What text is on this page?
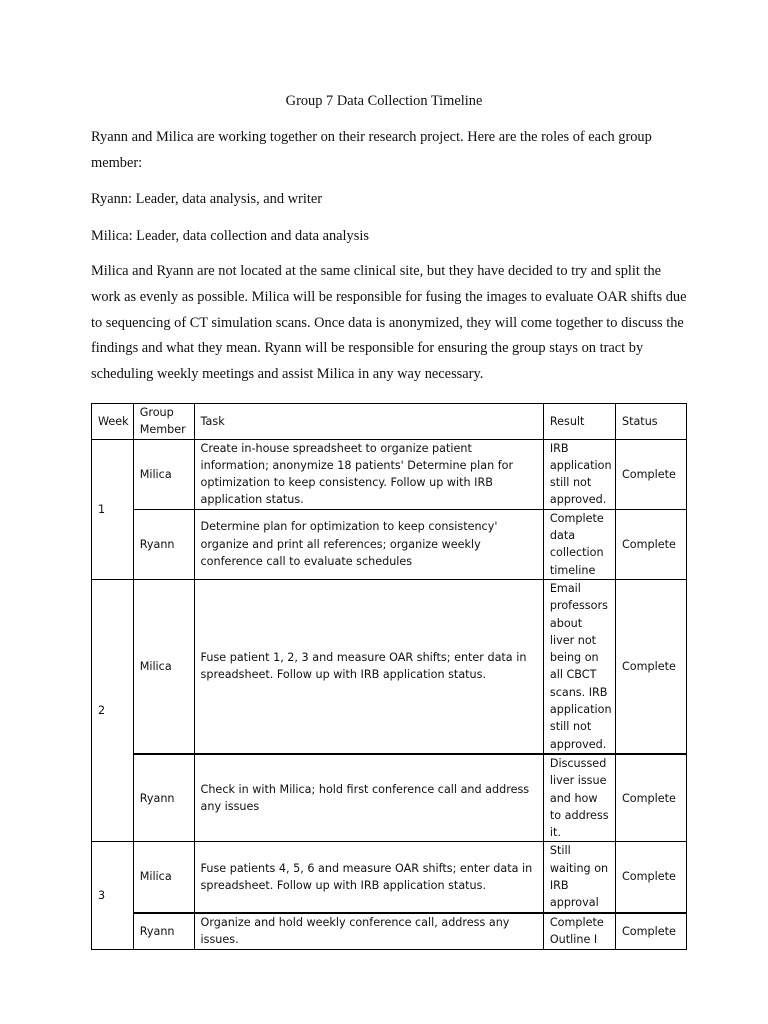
Group 7 Data Collection Timeline

Ryann and Milica are working together on their research project. Here are the roles of each group member:

Ryann: Leader, data analysis, and writer

Milica: Leader, data collection and data analysis

Milica and Ryann are not located at the same clinical site, but they have decided to try and split the work as evenly as possible. Milica will be responsible for fusing the images to evaluate OAR shifts due to sequencing of CT simulation scans. Once data is anonymized, they will come together to discuss the findings and what they mean. Ryann will be responsible for ensuring the group stays on tract by scheduling weekly meetings and assist Milica in any way necessary.

Week	Group Member	Task	Result	Status
1	Milica	Create in-house spreadsheet to organize patient information; anonymize 18 patients' Determine plan for optimization to keep consistency. Follow up with IRB application status.	IRB application still not approved.	Complete
	Ryann	Determine plan for optimization to keep consistency' organize and print all references; organize weekly conference call to evaluate schedules	Complete data collection timeline	Complete
2	Milica	Fuse patient 1, 2, 3 and measure OAR shifts; enter data in spreadsheet. Follow up with IRB application status.	Email professors about liver not being on all CBCT scans. IRB application still not approved.	Complete
	Ryann	Check in with Milica; hold first conference call and address any issues	Discussed liver issue and how to address it.	Complete
3	Milica	Fuse patients 4, 5, 6 and measure OAR shifts; enter data in spreadsheet. Follow up with IRB application status.	Still waiting on IRB approval	Complete
	Ryann	Organize and hold weekly conference call, address any issues.	Complete Outline I	Complete
